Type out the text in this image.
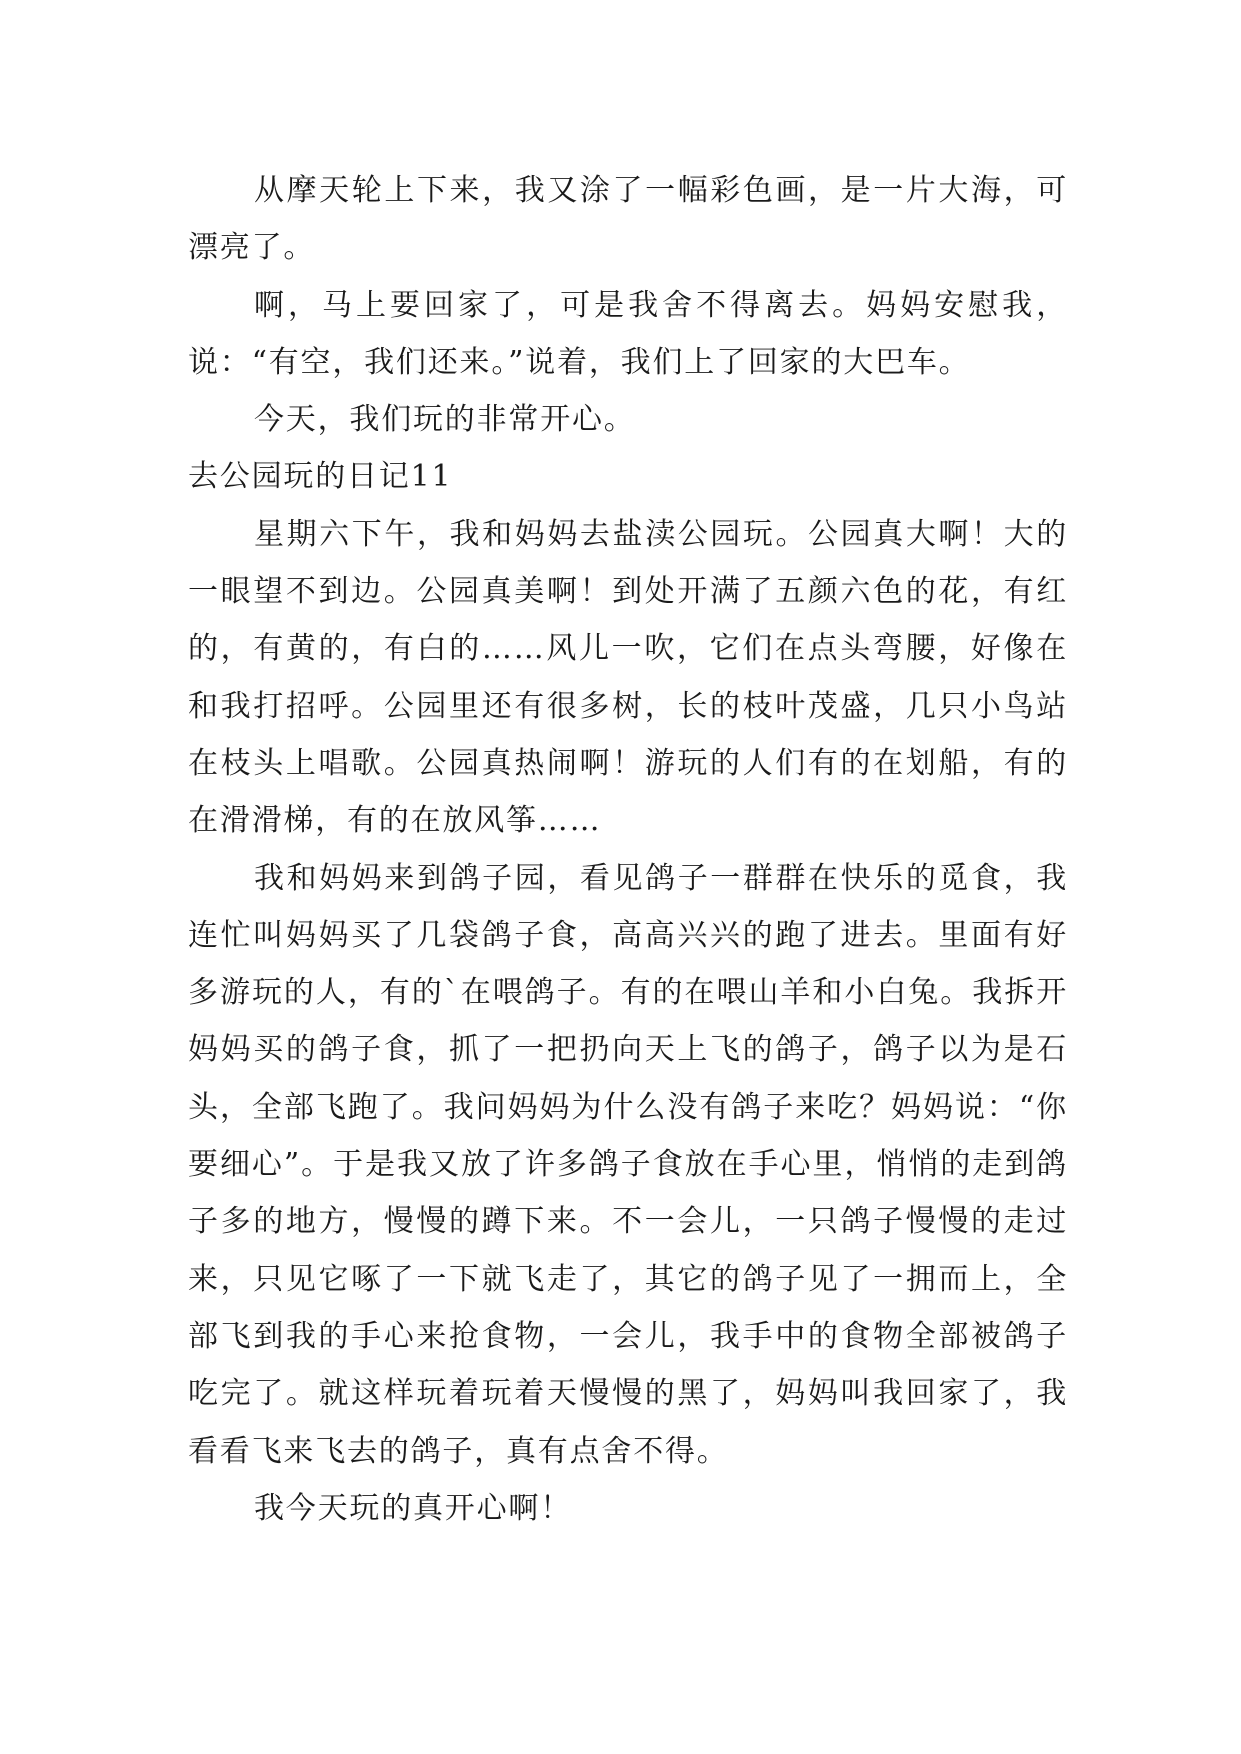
从摩天轮上下来，我又涂了一幅彩色画，是一片大海，可漂亮了。

啊，马上要回家了，可是我舍不得离去。妈妈安慰我，说：“有空，我们还来。”说着，我们上了回家的大巴车。

今天，我们玩的非常开心。

去公园玩的日记11

星期六下午，我和妈妈去盐渎公园玩。公园真大啊！大的一眼望不到边。公园真美啊！到处开满了五颜六色的花，有红的，有黄的，有白的……风儿一吹，它们在点头弯腰，好像在和我打招呼。公园里还有很多树，长的枝叶茂盛，几只小鸟站在枝头上唱歌。公园真热闹啊！游玩的人们有的在划船，有的在滑滑梯，有的在放风筝……

我和妈妈来到鸽子园，看见鸽子一群群在快乐的觅食，我连忙叫妈妈买了几袋鸽子食，高高兴兴的跑了进去。里面有好多游玩的人，有的`在喂鸽子。有的在喂山羊和小白兔。我拆开妈妈买的鸽子食，抓了一把扔向天上飞的鸽子，鸽子以为是石头，全部飞跑了。我问妈妈为什么没有鸽子来吃？妈妈说：“你要细心”。于是我又放了许多鸽子食放在手心里，悄悄的走到鸽子多的地方，慢慢的蹲下来。不一会儿，一只鸽子慢慢的走过来，只见它啄了一下就飞走了，其它的鸽子见了一拥而上，全部飞到我的手心来抢食物，一会儿，我手中的食物全部被鸽子吃完了。就这样玩着玩着天慢慢的黑了，妈妈叫我回家了，我看看飞来飞去的鸽子，真有点舍不得。

我今天玩的真开心啊！
